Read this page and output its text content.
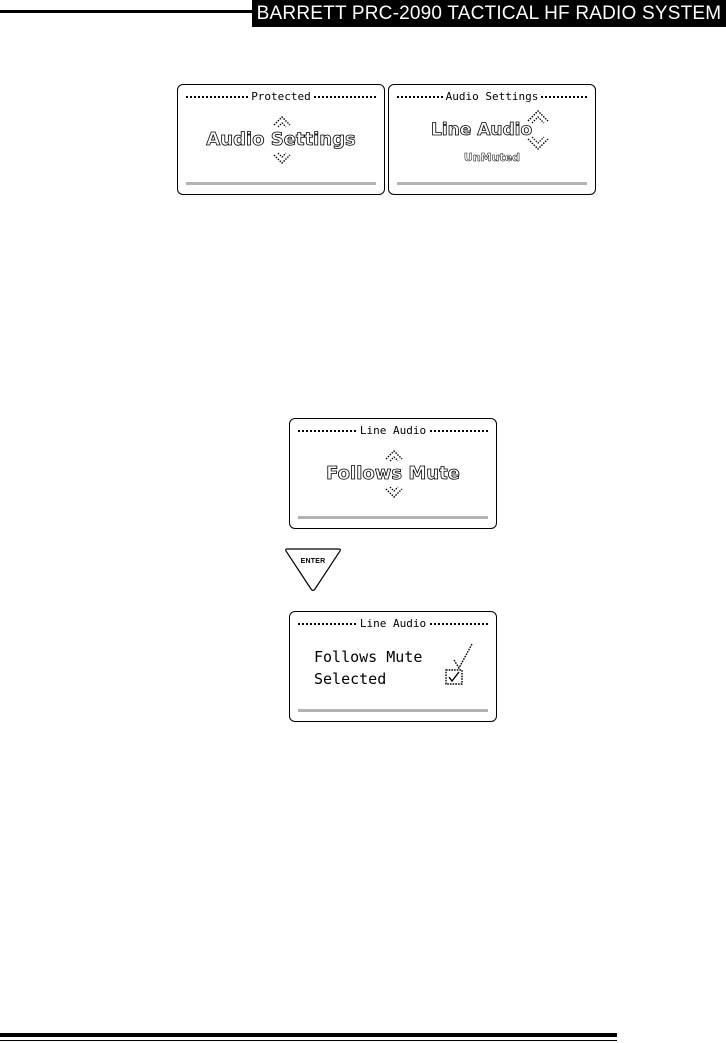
BARRETT PRC-2090 TACTICAL HF RADIO SYSTEM
Protected
Audio Settings
Audio Settings
Line Audio
UnMuted
Line Audio
Follows Mute
ENTER
Line Audio
Follows Mute
Selected
